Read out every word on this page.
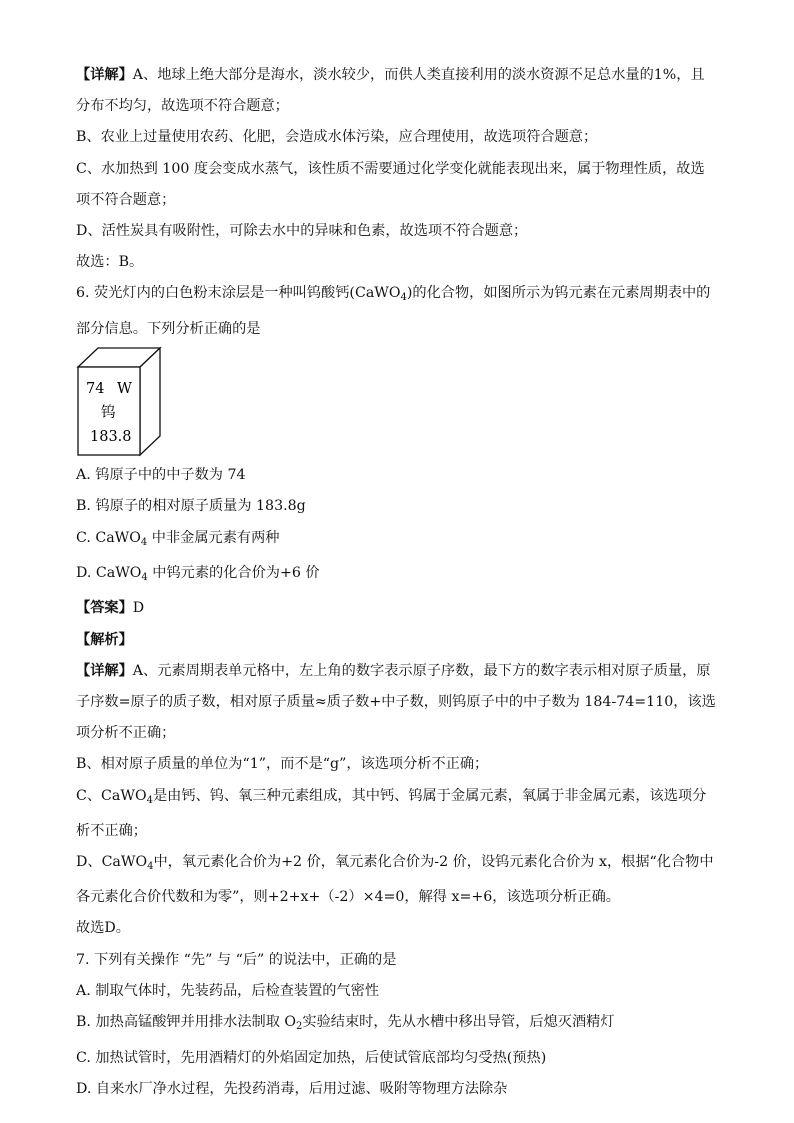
【详解】A、地球上绝大部分是海水，淡水较少，而供人类直接利用的淡水资源不足总水量的1%，且分布不均匀，故选项不符合题意；

B、农业上过量使用农药、化肥，会造成水体污染，应合理使用，故选项符合题意；

C、水加热到 100 度会变成水蒸气，该性质不需要通过化学变化就能表现出来，属于物理性质，故选项不符合题意；

D、活性炭具有吸附性，可除去水中的异味和色素，故选项不符合题意；

故选：B。

6. 荧光灯内的白色粉末涂层是一种叫钨酸钙(CaWO$_4$)的化合物，如图所示为钨元素在元素周期表中的部分信息。下列分析正确的是

74 W
钨
183.8

A. 钨原子中的中子数为 74

B. 钨原子的相对原子质量为 183.8g

C. CaWO$_4$ 中非金属元素有两种

D. CaWO$_4$ 中钨元素的化合价为+6 价

【答案】D

【解析】

【详解】A、元素周期表单元格中，左上角的数字表示原子序数，最下方的数字表示相对原子质量，原子序数=原子的质子数，相对原子质量≈质子数+中子数，则钨原子中的中子数为 184-74=110，该选项分析不正确；

B、相对原子质量的单位为“1”，而不是“g”，该选项分析不正确；

C、CaWO$_4$是由钙、钨、氧三种元素组成，其中钙、钨属于金属元素，氧属于非金属元素，该选项分析不正确；

D、CaWO$_4$中，氧元素化合价为+2 价，氧元素化合价为-2 价，设钨元素化合价为 x，根据“化合物中各元素化合价代数和为零”，则+2+x+（-2）×4=0，解得 x=+6，该选项分析正确。

故选D。

7. 下列有关操作 “先” 与 “后” 的说法中，正确的是

A. 制取气体时，先装药品，后检查装置的气密性

B. 加热高锰酸钾并用排水法制取 $O_2$实验结束时，先从水槽中移出导管，后熄灭酒精灯

C. 加热试管时，先用酒精灯的外焰固定加热，后使试管底部均匀受热(预热)

D. 自来水厂净水过程，先投药消毒，后用过滤、吸附等物理方法除杂
